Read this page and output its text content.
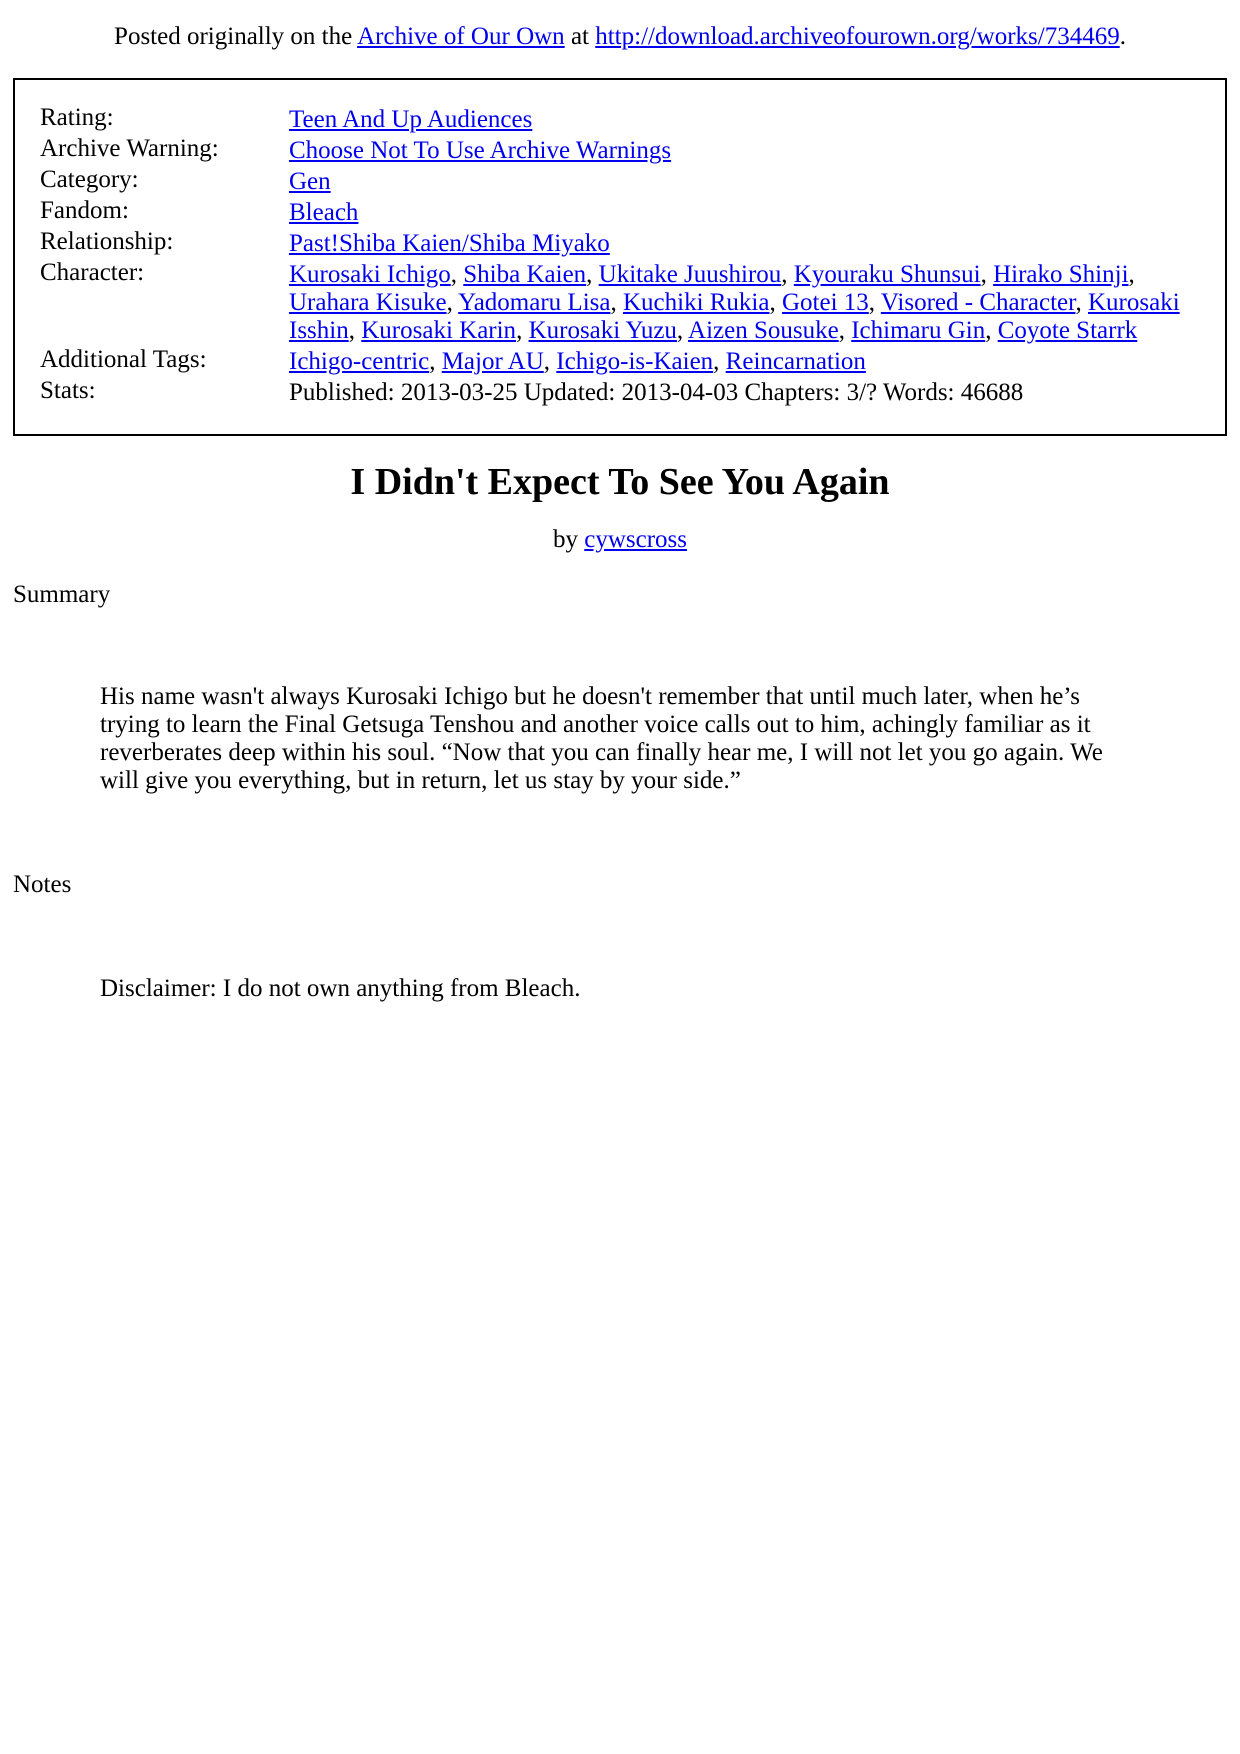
Posted originally on the Archive of Our Own at http://download.archiveofourown.org/works/734469.
Rating:	Teen And Up Audiences
Archive Warning:	Choose Not To Use Archive Warnings
Category:	Gen
Fandom:	Bleach
Relationship:	Past!Shiba Kaien/Shiba Miyako
Character:	Kurosaki Ichigo, Shiba Kaien, Ukitake Juushirou, Kyouraku Shunsui, Hirako Shinji,
Urahara Kisuke, Yadomaru Lisa, Kuchiki Rukia, Gotei 13, Visored - Character, Kurosaki
Isshin, Kurosaki Karin, Kurosaki Yuzu, Aizen Sousuke, Ichimaru Gin, Coyote Starrk
Additional Tags:	Ichigo-centric, Major AU, Ichigo-is-Kaien, Reincarnation
Stats:	Published: 2013-03-25 Updated: 2013-04-03 Chapters: 3/? Words: 46688
I Didn't Expect To See You Again
by cywscross
Summary
His name wasn't always Kurosaki Ichigo but he doesn't remember that until much later, when he’s
trying to learn the Final Getsuga Tenshou and another voice calls out to him, achingly familiar as it
reverberates deep within his soul. “Now that you can finally hear me, I will not let you go again. We
will give you everything, but in return, let us stay by your side.”
Notes
Disclaimer: I do not own anything from Bleach.
